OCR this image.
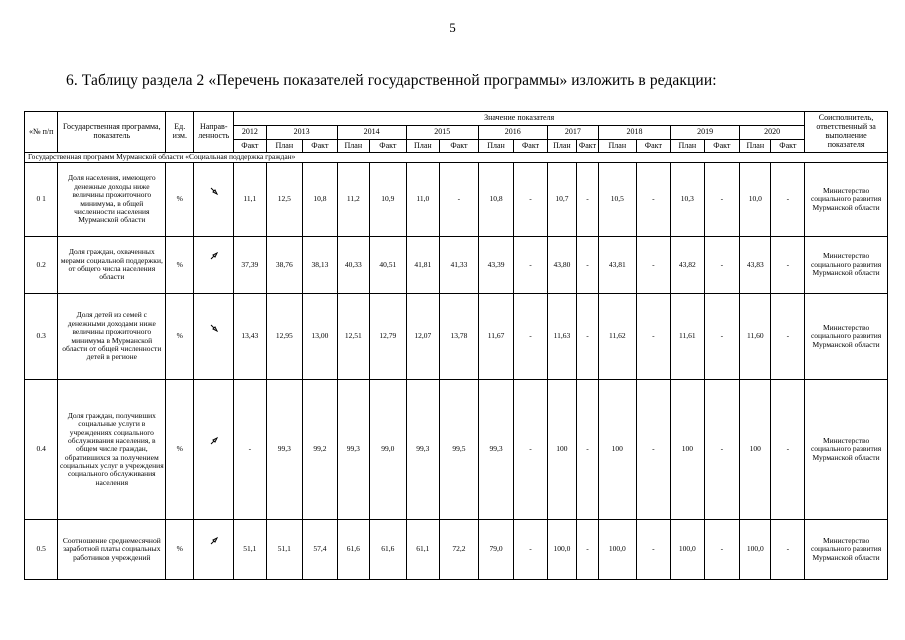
5
6. Таблицу раздела 2 «Перечень показателей государственной программы» изложить в редакции:
«№ п/п	Государственная программа, показатель	Ед. изм.	Направ-ленность	Значение показателя																	Соисполнитель, ответственный за выполнение показателя
				2012	2013		2014		2015		2016		2017		2018		2019		2020		
				Факт	План	Факт	План	Факт	План	Факт	План	Факт	План	Факт	План	Факт	План	Факт	План	Факт	
Государственная программ Мурманской области «Социальная поддержка граждан»																					
0 1	Доля населения, имеющего денежные доходы ниже величины прожиточного минимума, в общей численности населения Мурманской области	%		11,1	12,5	10,8	11,2	10,9	11,0	-	10,8	-	10,7	-	10,5	-	10,3	-	10,0	-	Министерство социального развития Мурманской области
0.2	Доля граждан, охваченных мерами социальной поддержки, от общего числа населения области	%		37,39	38,76	38,13	40,33	40,51	41,81	41,33	43,39	-	43,80	-	43,81	-	43,82	-	43,83	-	Министерство социального развития Мурманской области
0.3	Доля детей из семей с денежными доходами ниже величины прожиточного минимума в Мурманской области от общей численности детей в регионе	%		13,43	12,95	13,00	12,51	12,79	12,07	13,78	11,67	-	11,63	-	11,62	-	11,61	-	11,60	-	Министерство социального развития Мурманской области
0.4	Доля граждан, получивших социальные услуги в учреждениях социального обслуживания населения, в общем числе граждан, обратившихся за получением социальных услуг в учреждения социального обслуживания населения	%		-	99,3	99,2	99,3	99,0	99,3	99,5	99,3	-	100	-	100	-	100	-	100	-	Министерство социального развития Мурманской области
0.5	Соотношение среднемесячной заработной платы социальных работников учреждений	%		51,1	51,1	57,4	61,6	61,6	61,1	72,2	79,0	-	100,0	-	100,0	-	100,0	-	100,0	-	Министерство социального развития Мурманской области
